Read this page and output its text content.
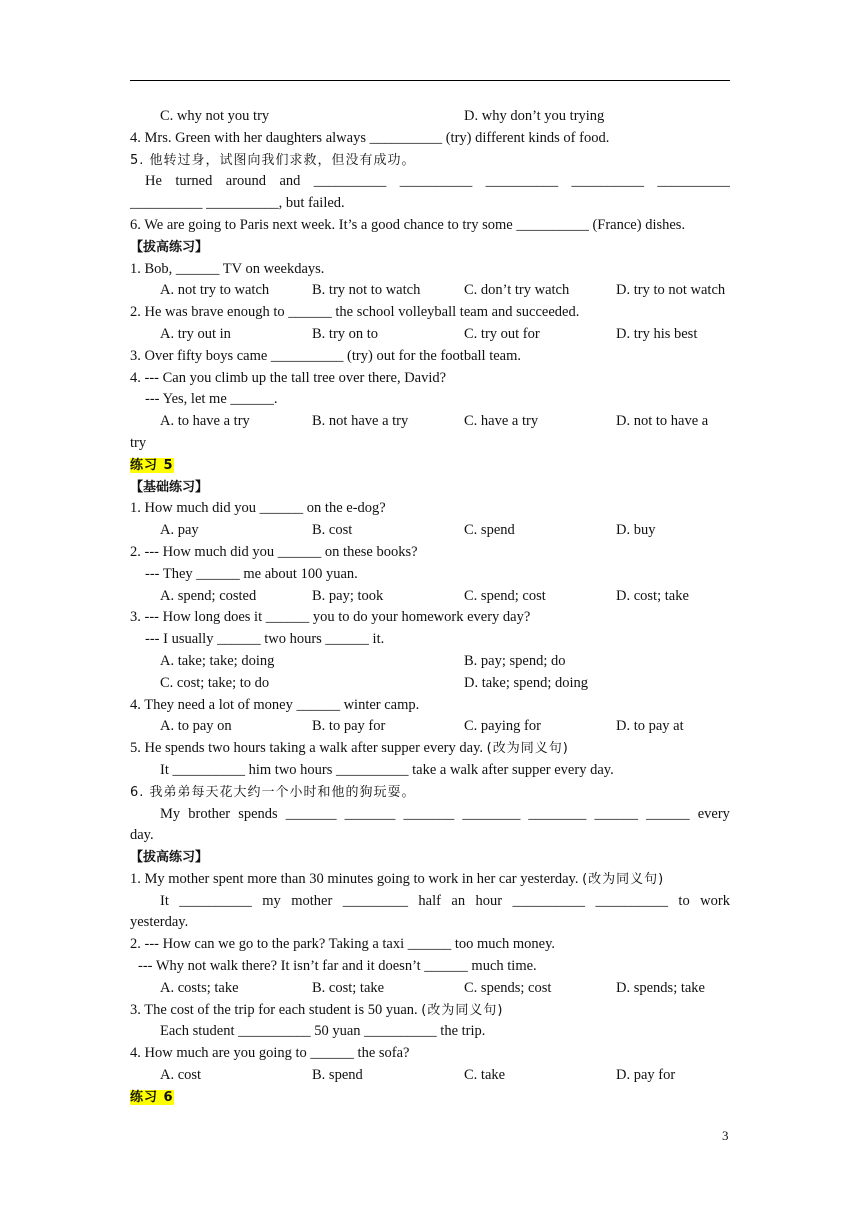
C. why not you try	D. why don’t you trying
4. Mrs. Green with her daughters always __________ (try) different kinds of food.
5. 他转过身，试图向我们求救，但没有成功。
He turned around and __________ __________ __________ __________ __________
__________ __________, but failed.
6. We are going to Paris next week. It’s a good chance to try some __________ (France) dishes.
【拔高练习】
1. Bob, ______ TV on weekdays.
A. not try to watch	B. try not to watch	C. don’t try watch	D. try to not watch
2. He was brave enough to ______ the school volleyball team and succeeded.
A. try out in	B. try on to	C. try out for	D. try his best
3. Over fifty boys came __________ (try) out for the football team.
4. --- Can you climb up the tall tree over there, David?
--- Yes, let me ______.
A. to have a try	B. not have a try	C. have a try	D. not to have a
try
练习 5
【基础练习】
1. How much did you ______ on the e-dog?
A. pay	B. cost	C. spend	D. buy
2. --- How much did you ______ on these books?
--- They ______ me about 100 yuan.
A. spend; costed	B. pay; took	C. spend; cost	D. cost; take
3. --- How long does it ______ you to do your homework every day?
--- I usually ______ two hours ______ it.
A. take; take; doing	B. pay; spend; do
C. cost; take; to do	D. take; spend; doing
4. They need a lot of money ______ winter camp.
A. to pay on	B. to pay for	C. paying for	D. to pay at
5. He spends two hours taking a walk after supper every day. (改为同义句)
It __________ him two hours __________ take a walk after supper every day.
6. 我弟弟每天花大约一个小时和他的狗玩耍。
My brother spends _______ _______ _______ ________ ________ ______ ______ every
day.
【拔高练习】
1. My mother spent more than 30 minutes going to work in her car yesterday. (改为同义句)
It __________ my mother _________ half an hour __________ __________ to work
yesterday.
2. --- How can we go to the park? Taking a taxi ______ too much money.
--- Why not walk there? It isn’t far and it doesn’t ______ much time.
A. costs; take	B. cost; take	C. spends; cost	D. spends; take
3. The cost of the trip for each student is 50 yuan. (改为同义句)
Each student __________ 50 yuan __________ the trip.
4. How much are you going to ______ the sofa?
A. cost	B. spend	C. take	D. pay for
练习 6
3
